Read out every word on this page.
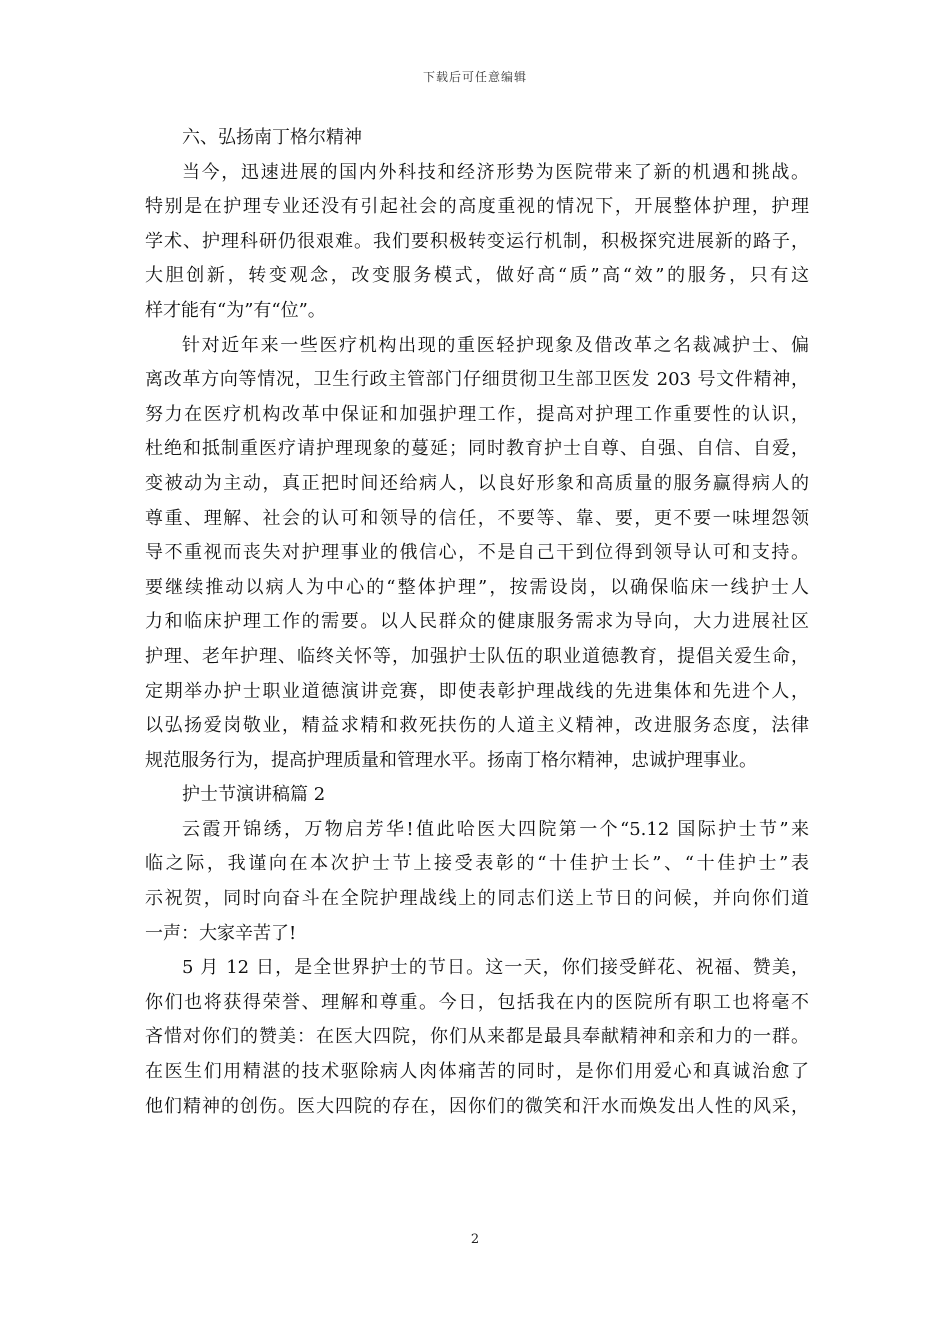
下载后可任意编辑
六、弘扬南丁格尔精神
当今，迅速进展的国内外科技和经济形势为医院带来了新的机遇和挑战。
特别是在护理专业还没有引起社会的高度重视的情况下，开展整体护理，护理
学术、护理科研仍很艰难。我们要积极转变运行机制，积极探究进展新的路子，
大胆创新，转变观念，改变服务模式，做好高“质”高“效”的服务，只有这
样才能有“为”有“位”。
针对近年来一些医疗机构出现的重医轻护现象及借改革之名裁减护士、偏
离改革方向等情况，卫生行政主管部门仔细贯彻卫生部卫医发 203 号文件精神，
努力在医疗机构改革中保证和加强护理工作，提高对护理工作重要性的认识，
杜绝和抵制重医疗请护理现象的蔓延；同时教育护士自尊、自强、自信、自爱，
变被动为主动，真正把时间还给病人，以良好形象和高质量的服务赢得病人的
尊重、理解、社会的认可和领导的信任，不要等、靠、要，更不要一味埋怨领
导不重视而丧失对护理事业的俄信心，不是自己干到位得到领导认可和支持。
要继续推动以病人为中心的“整体护理”，按需设岗，以确保临床一线护士人
力和临床护理工作的需要。以人民群众的健康服务需求为导向，大力进展社区
护理、老年护理、临终关怀等，加强护士队伍的职业道德教育，提倡关爱生命，
定期举办护士职业道德演讲竞赛，即使表彰护理战线的先进集体和先进个人，
以弘扬爱岗敬业，精益求精和救死扶伤的人道主义精神，改进服务态度，法律
规范服务行为，提高护理质量和管理水平。扬南丁格尔精神，忠诚护理事业。
护士节演讲稿篇 2
云霞开锦绣，万物启芳华!值此哈医大四院第一个“5.12 国际护士节”来
临之际，我谨向在本次护士节上接受表彰的“十佳护士长”、“十佳护士”表
示祝贺，同时向奋斗在全院护理战线上的同志们送上节日的问候，并向你们道
一声：大家辛苦了!
5 月 12 日，是全世界护士的节日。这一天，你们接受鲜花、祝福、赞美，
你们也将获得荣誉、理解和尊重。今日，包括我在内的医院所有职工也将毫不
吝惜对你们的赞美：在医大四院，你们从来都是最具奉献精神和亲和力的一群。
在医生们用精湛的技术驱除病人肉体痛苦的同时，是你们用爱心和真诚治愈了
他们精神的创伤。医大四院的存在，因你们的微笑和汗水而焕发出人性的风采，
2
